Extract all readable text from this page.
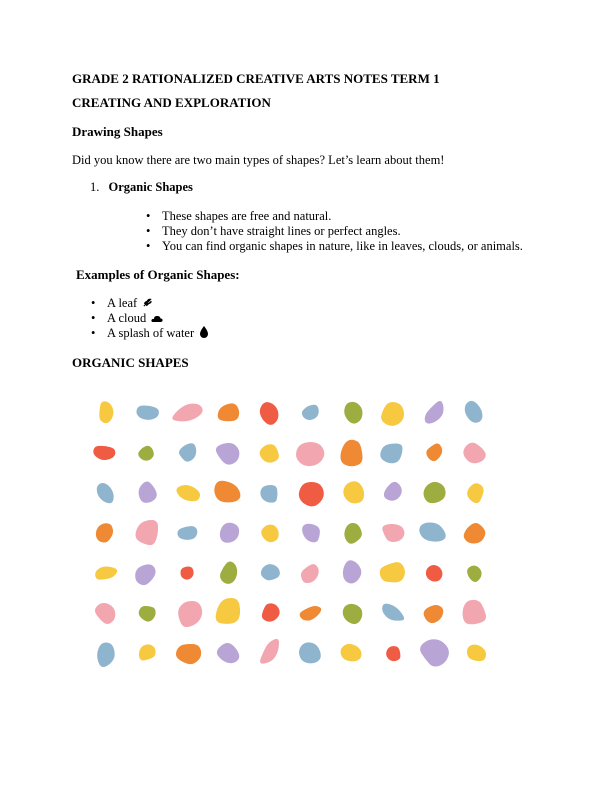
GRADE 2 RATIONALIZED CREATIVE ARTS NOTES TERM 1

CREATING AND EXPLORATION

Drawing Shapes

Did you know there are two main types of shapes? Let’s learn about them!

1. Organic Shapes
• These shapes are free and natural.
• They don’t have straight lines or perfect angles.
• You can find organic shapes in nature, like in leaves, clouds, or animals.

Examples of Organic Shapes:

• A leaf
• A cloud
• A splash of water

ORGANIC SHAPES
